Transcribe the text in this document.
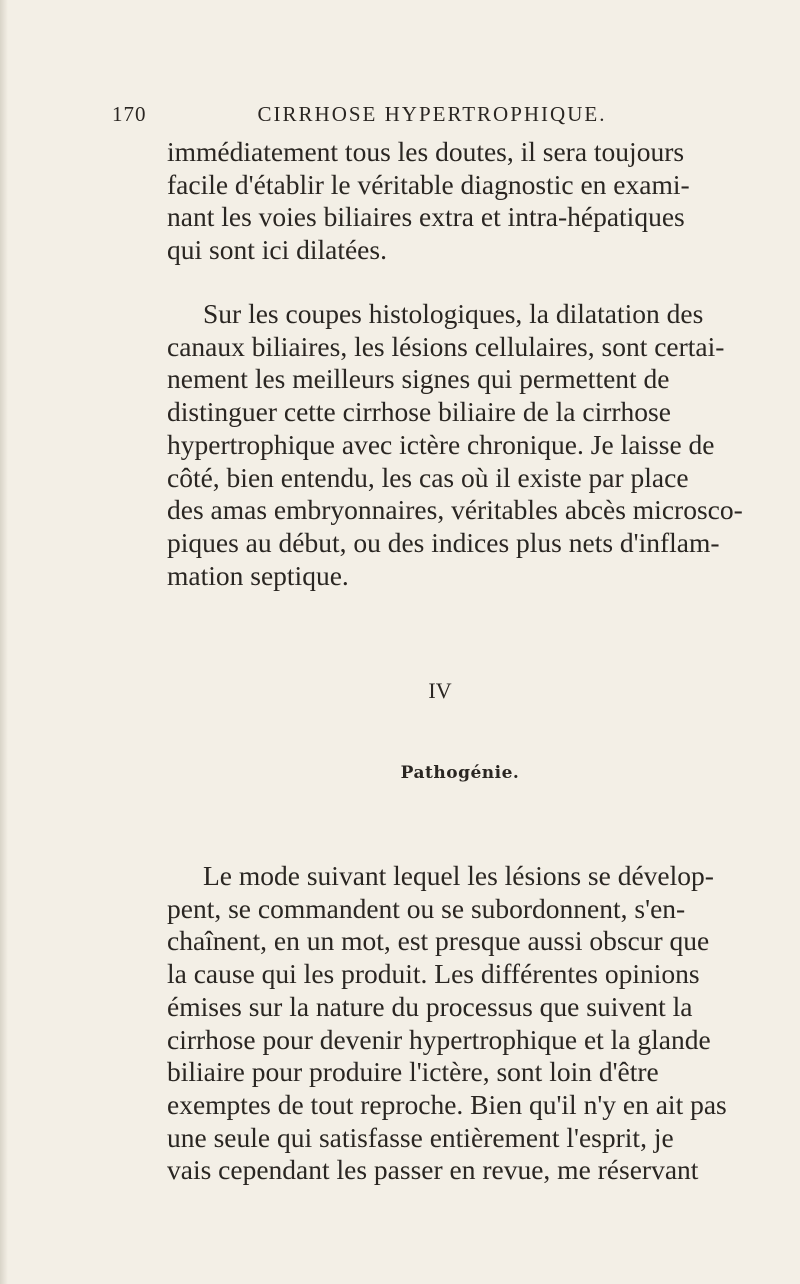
170	CIRRHOSE HYPERTROPHIQUE.

immédiatement tous les doutes, il sera toujours
facile d'établir le véritable diagnostic en exami-
nant les voies biliaires extra et intra-hépatiques
qui sont ici dilatées.

Sur les coupes histologiques, la dilatation des
canaux biliaires, les lésions cellulaires, sont certai-
nement les meilleurs signes qui permettent de
distinguer cette cirrhose biliaire de la cirrhose
hypertrophique avec ictère chronique. Je laisse de
côté, bien entendu, les cas où il existe par place
des amas embryonnaires, véritables abcès microsco-
piques au début, ou des indices plus nets d'inflam-
mation septique.

IV
Pathogénie.

Le mode suivant lequel les lésions se dévelop-
pent, se commandent ou se subordonnent, s'en-
chaînent, en un mot, est presque aussi obscur que
la cause qui les produit. Les différentes opinions
émises sur la nature du processus que suivent la
cirrhose pour devenir hypertrophique et la glande
biliaire pour produire l'ictère, sont loin d'être
exemptes de tout reproche. Bien qu'il n'y en ait pas
une seule qui satisfasse entièrement l'esprit, je
vais cependant les passer en revue, me réservant
